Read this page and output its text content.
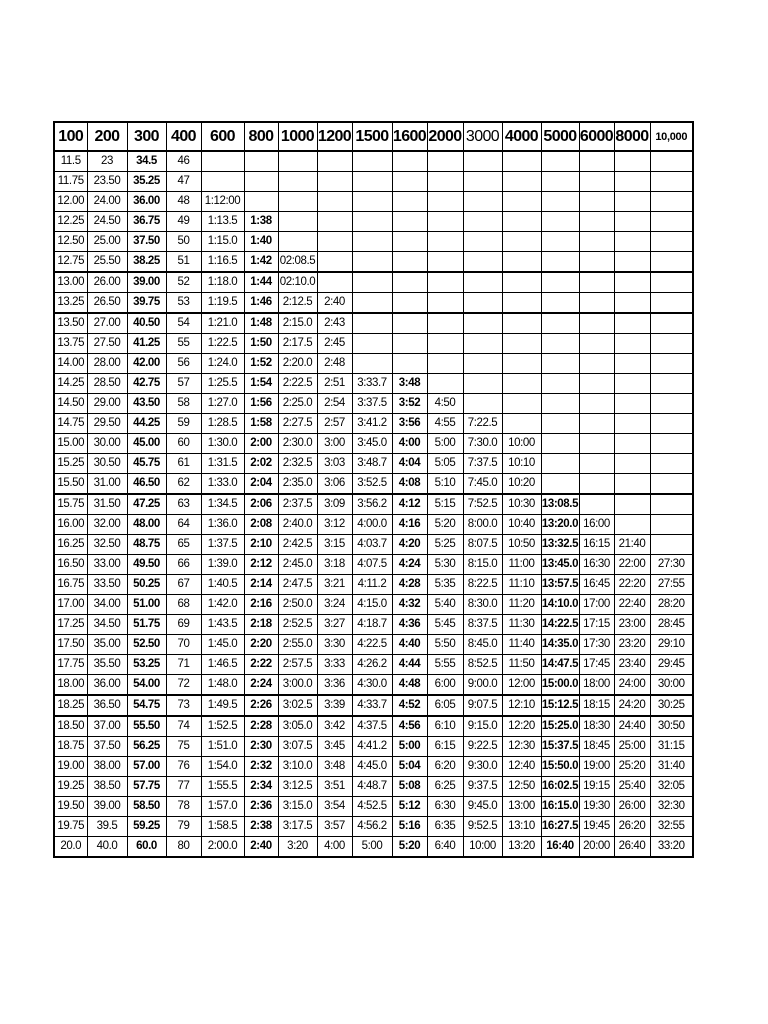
100	200	300	400	600	800	1000	1200	1500	1600	2000	3000	4000	5000	6000	8000	10,000
11.5	23	34.5	46													
11.75	23.50	35.25	47													
12.00	24.00	36.00	48	1:12:00												
12.25	24.50	36.75	49	1:13.5	1:38											
12.50	25.00	37.50	50	1:15.0	1:40											
12.75	25.50	38.25	51	1:16.5	1:42	02:08.5										
13.00	26.00	39.00	52	1:18.0	1:44	02:10.0										
13.25	26.50	39.75	53	1:19.5	1:46	2:12.5	2:40									
13.50	27.00	40.50	54	1:21.0	1:48	2:15.0	2:43									
13.75	27.50	41.25	55	1:22.5	1:50	2:17.5	2:45									
14.00	28.00	42.00	56	1:24.0	1:52	2:20.0	2:48									
14.25	28.50	42.75	57	1:25.5	1:54	2:22.5	2:51	3:33.7	3:48							
14.50	29.00	43.50	58	1:27.0	1:56	2:25.0	2:54	3:37.5	3:52	4:50						
14.75	29.50	44.25	59	1:28.5	1:58	2:27.5	2:57	3:41.2	3:56	4:55	7:22.5					
15.00	30.00	45.00	60	1:30.0	2:00	2:30.0	3:00	3:45.0	4:00	5:00	7:30.0	10:00				
15.25	30.50	45.75	61	1:31.5	2:02	2:32.5	3:03	3:48.7	4:04	5:05	7:37.5	10:10				
15.50	31.00	46.50	62	1:33.0	2:04	2:35.0	3:06	3:52.5	4:08	5:10	7:45.0	10:20				
15.75	31.50	47.25	63	1:34.5	2:06	2:37.5	3:09	3:56.2	4:12	5:15	7:52.5	10:30	13:08.5			
16.00	32.00	48.00	64	1:36.0	2:08	2:40.0	3:12	4:00.0	4:16	5:20	8:00.0	10:40	13:20.0	16:00		
16.25	32.50	48.75	65	1:37.5	2:10	2:42.5	3:15	4:03.7	4:20	5:25	8:07.5	10:50	13:32.5	16:15	21:40	
16.50	33.00	49.50	66	1:39.0	2:12	2:45.0	3:18	4:07.5	4:24	5:30	8:15.0	11:00	13:45.0	16:30	22:00	27:30
16.75	33.50	50.25	67	1:40.5	2:14	2:47.5	3:21	4:11.2	4:28	5:35	8:22.5	11:10	13:57.5	16:45	22:20	27:55
17.00	34.00	51.00	68	1:42.0	2:16	2:50.0	3:24	4:15.0	4:32	5:40	8:30.0	11:20	14:10.0	17:00	22:40	28:20
17.25	34.50	51.75	69	1:43.5	2:18	2:52.5	3:27	4:18.7	4:36	5:45	8:37.5	11:30	14:22.5	17:15	23:00	28:45
17.50	35.00	52.50	70	1:45.0	2:20	2:55.0	3:30	4:22.5	4:40	5:50	8:45.0	11:40	14:35.0	17:30	23:20	29:10
17.75	35.50	53.25	71	1:46.5	2:22	2:57.5	3:33	4:26.2	4:44	5:55	8:52.5	11:50	14:47.5	17:45	23:40	29:45
18.00	36.00	54.00	72	1:48.0	2:24	3:00.0	3:36	4:30.0	4:48	6:00	9:00.0	12:00	15:00.0	18:00	24:00	30:00
18.25	36.50	54.75	73	1:49.5	2:26	3:02.5	3:39	4:33.7	4:52	6:05	9:07.5	12:10	15:12.5	18:15	24:20	30:25
18.50	37.00	55.50	74	1:52.5	2:28	3:05.0	3:42	4:37.5	4:56	6:10	9:15.0	12:20	15:25.0	18:30	24:40	30:50
18.75	37.50	56.25	75	1:51.0	2:30	3:07.5	3:45	4:41.2	5:00	6:15	9:22.5	12:30	15:37.5	18:45	25:00	31:15
19.00	38.00	57.00	76	1:54.0	2:32	3:10.0	3:48	4:45.0	5:04	6:20	9:30.0	12:40	15:50.0	19:00	25:20	31:40
19.25	38.50	57.75	77	1:55.5	2:34	3:12.5	3:51	4:48.7	5:08	6:25	9:37.5	12:50	16:02.5	19:15	25:40	32:05
19.50	39.00	58.50	78	1:57.0	2:36	3:15.0	3:54	4:52.5	5:12	6:30	9:45.0	13:00	16:15.0	19:30	26:00	32:30
19.75	39.5	59.25	79	1:58.5	2:38	3:17.5	3:57	4:56.2	5:16	6:35	9:52.5	13:10	16:27.5	19:45	26:20	32:55
20.0	40.0	60.0	80	2:00.0	2:40	3:20	4:00	5:00	5:20	6:40	10:00	13:20	16:40	20:00	26:40	33:20
